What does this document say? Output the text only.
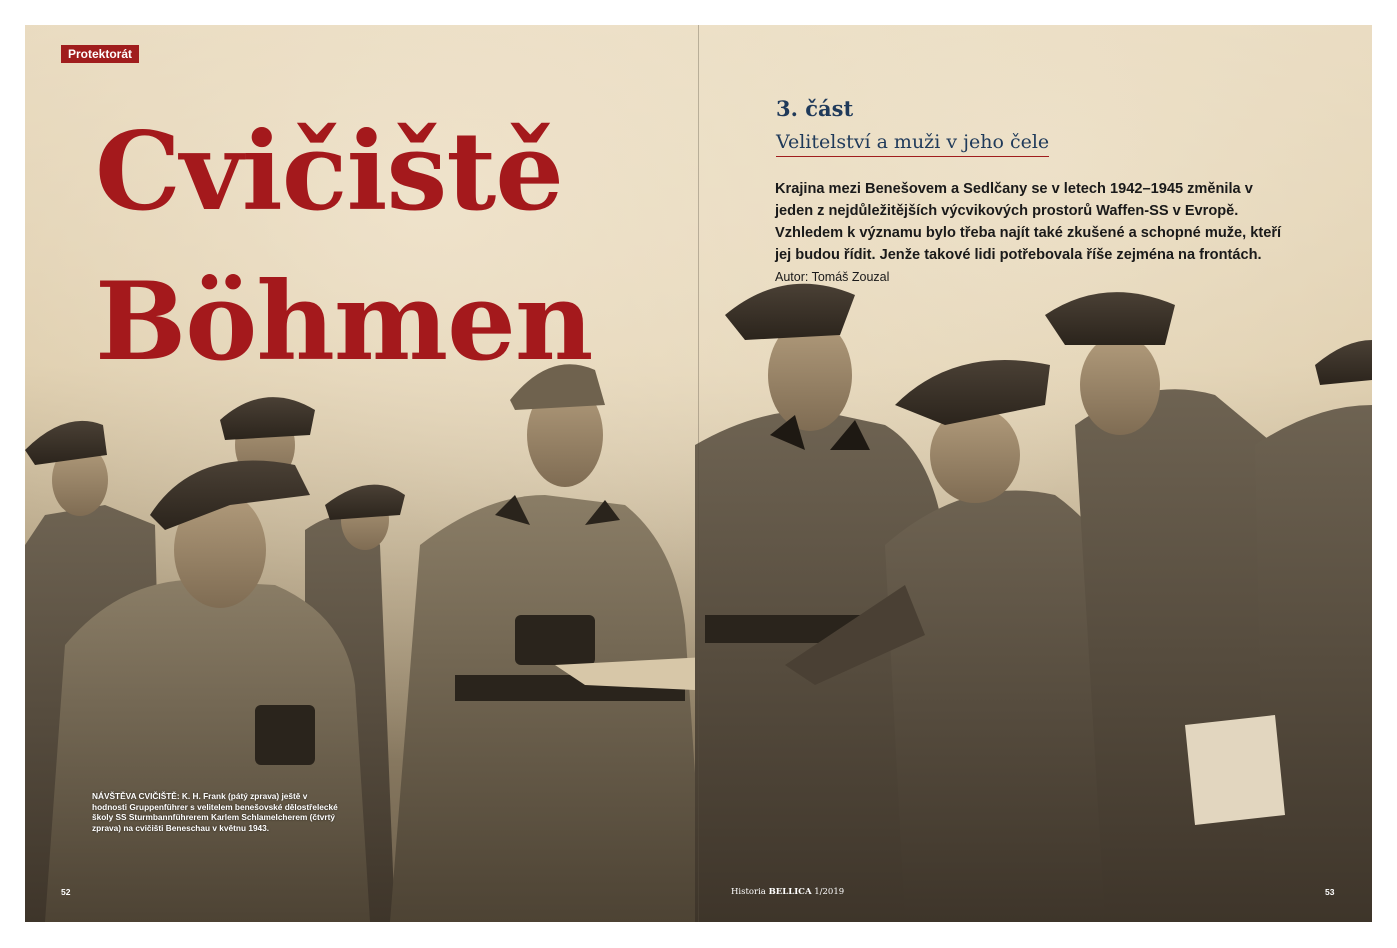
Protektorát
Cvičiště
Böhmen
3. část
Velitelství a muži v jeho čele

Krajina mezi Benešovem a Sedlčany se v letech 1942–1945 změnila v jeden z nejdůležitějších výcvikových prostorů Waffen-SS v Evropě. Vzhledem k významu bylo třeba najít také zkušené a schopné muže, kteří jej budou řídit. Jenže takové lidi potřebovala říše zejména na frontách. Autor: Tomáš Zouzal

NÁVŠTĚVA CVIČIŠTĚ: K. H. Frank (pátý zprava) ještě v hodnosti Gruppenführer s velitelem benešovské dělostřelecké školy SS Sturmbannführerem Karlem Schlamelcherem (čtvrtý zprava) na cvičišti Beneschau v květnu 1943.

52	Historia BELLICA 1/2019	53
